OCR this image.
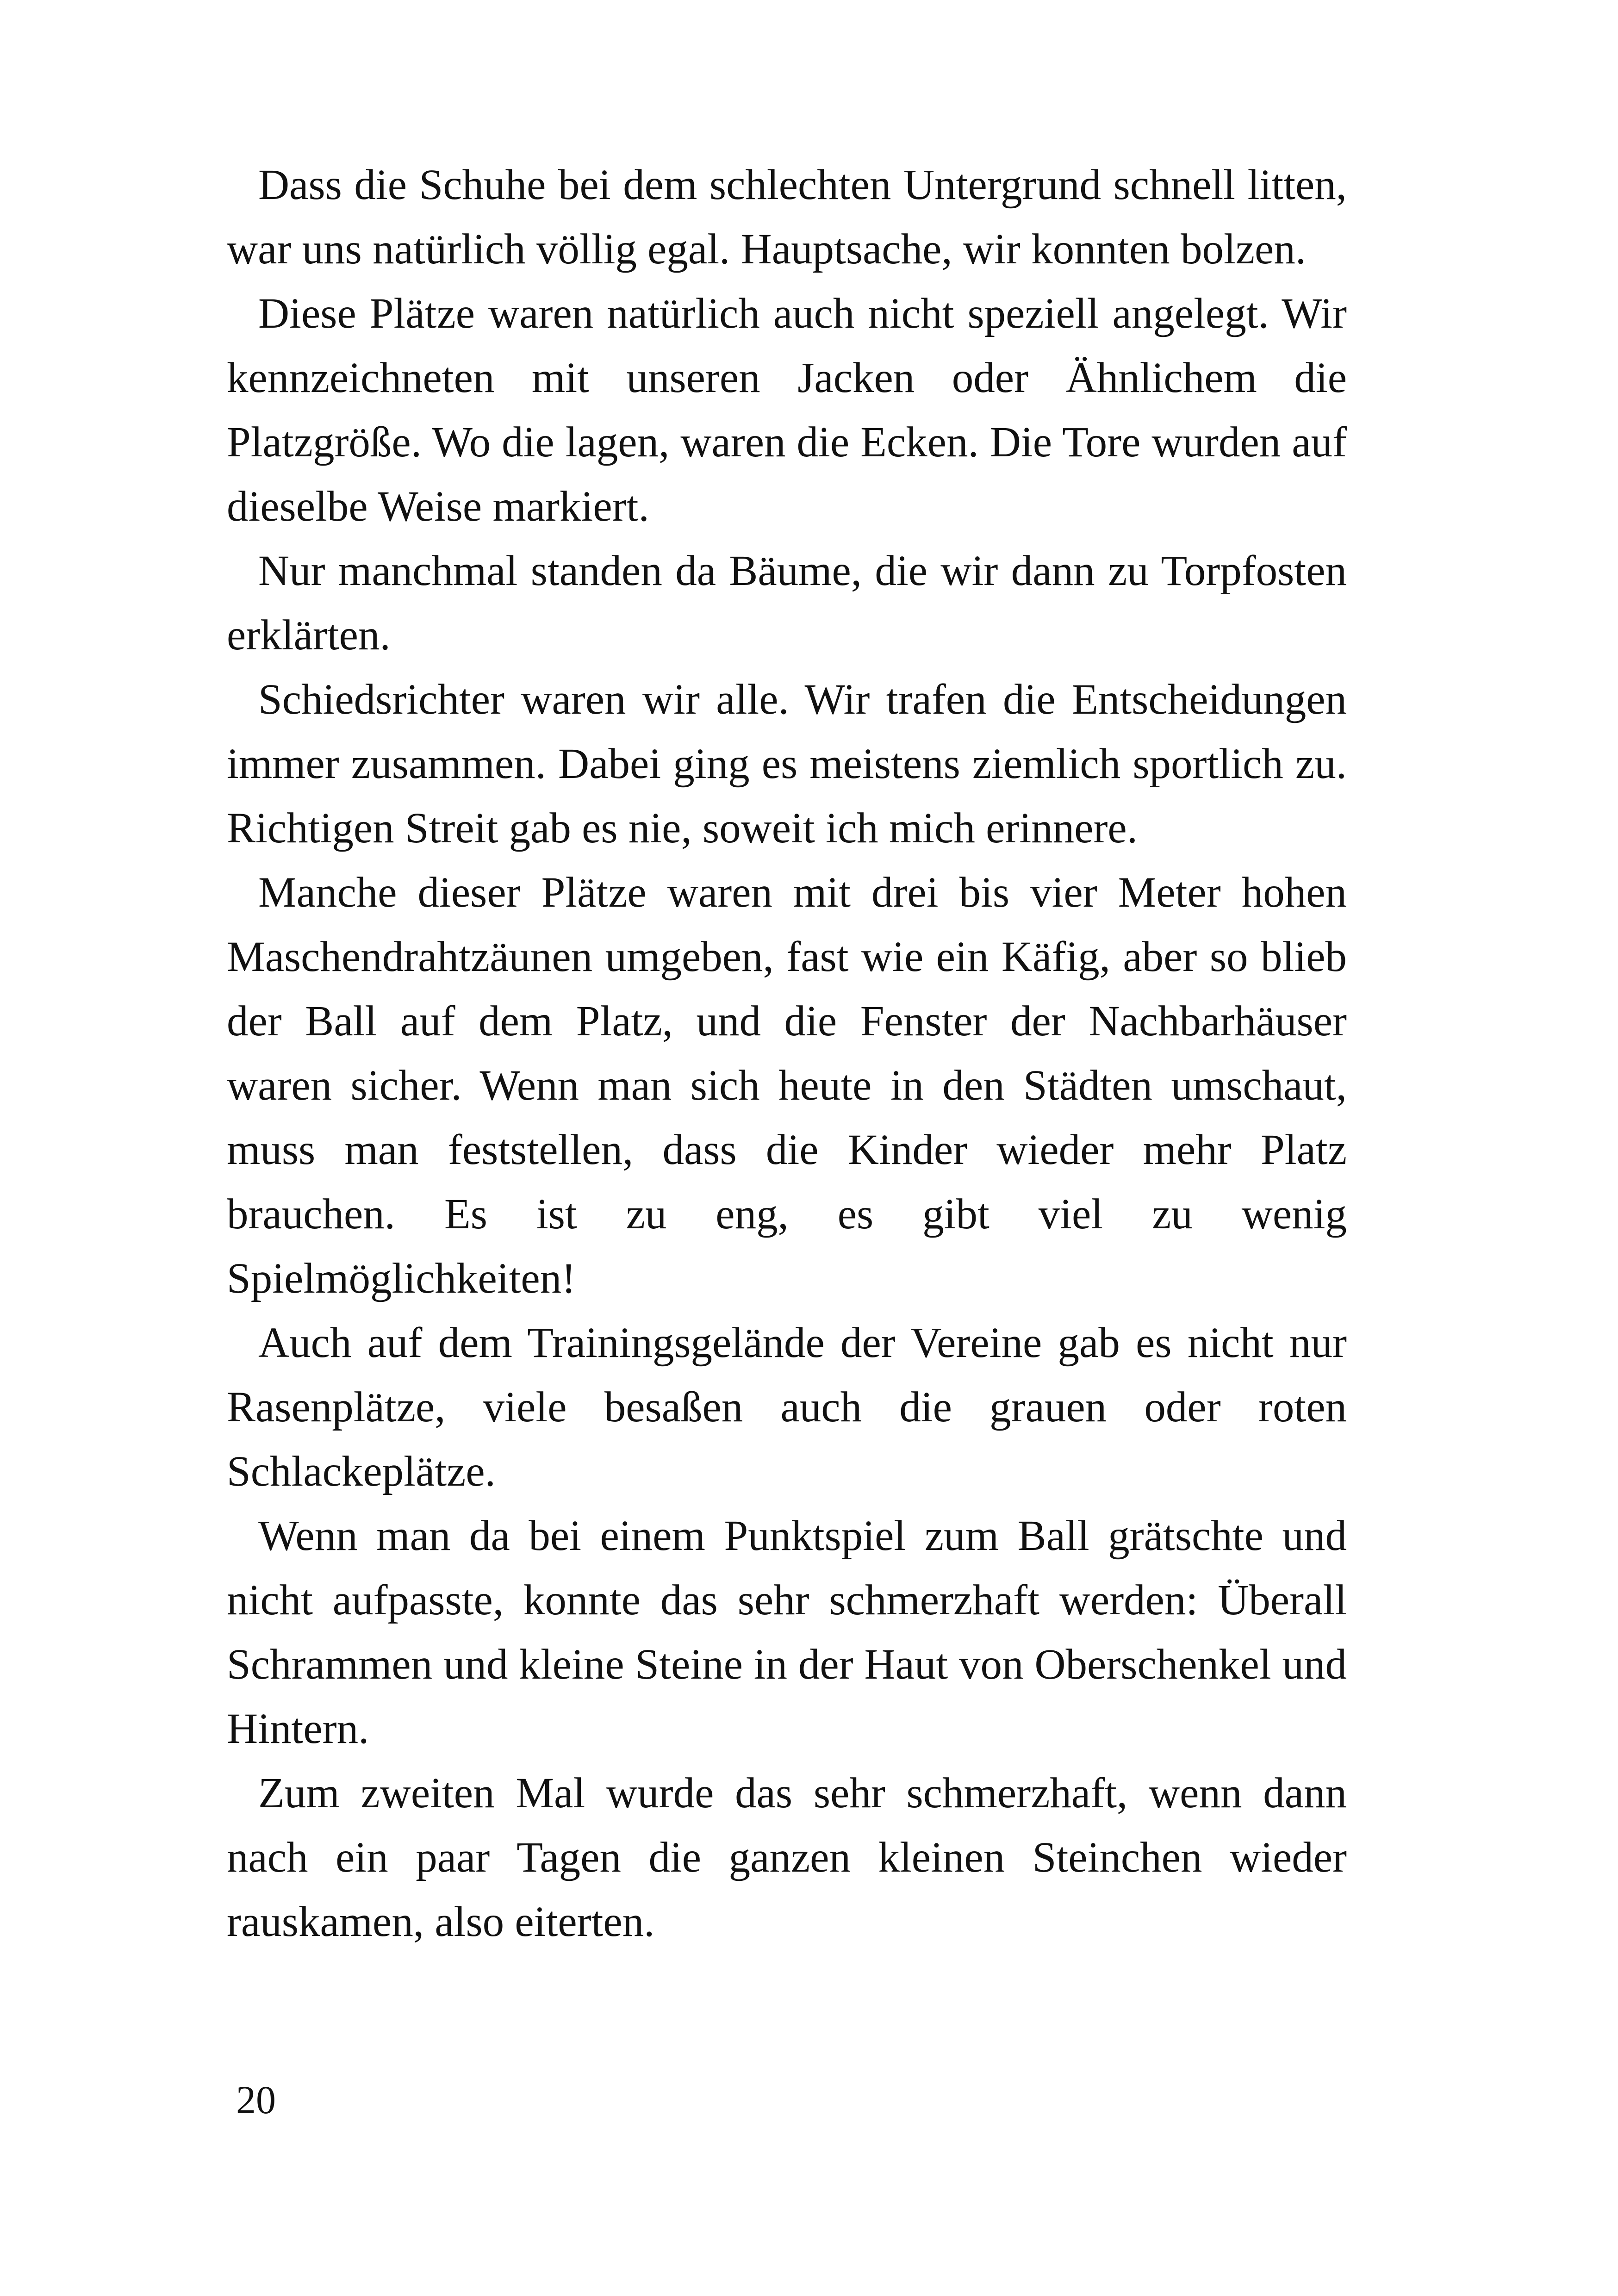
Dass die Schuhe bei dem schlechten Untergrund schnell litten, war uns natürlich völlig egal. Hauptsache, wir konnten bolzen.

Diese Plätze waren natürlich auch nicht speziell angelegt. Wir kennzeichneten mit unseren Jacken oder Ähnlichem die Platzgröße. Wo die lagen, waren die Ecken. Die Tore wurden auf dieselbe Weise markiert.

Nur manchmal standen da Bäume, die wir dann zu Torpfosten erklärten.

Schiedsrichter waren wir alle. Wir trafen die Entscheidungen immer zusammen. Dabei ging es meistens ziemlich sportlich zu. Richtigen Streit gab es nie, soweit ich mich erinnere.

Manche dieser Plätze waren mit drei bis vier Meter hohen Maschendrahtzäunen umgeben, fast wie ein Käfig, aber so blieb der Ball auf dem Platz, und die Fenster der Nachbarhäuser waren sicher. Wenn man sich heute in den Städten umschaut, muss man feststellen, dass die Kinder wieder mehr Platz brauchen. Es ist zu eng, es gibt viel zu wenig Spielmöglichkeiten!

Auch auf dem Trainingsgelände der Vereine gab es nicht nur Rasenplätze, viele besaßen auch die grauen oder roten Schlackeplätze.

Wenn man da bei einem Punktspiel zum Ball grätschte und nicht aufpasste, konnte das sehr schmerzhaft werden: Überall Schrammen und kleine Steine in der Haut von Oberschenkel und Hintern.

Zum zweiten Mal wurde das sehr schmerzhaft, wenn dann nach ein paar Tagen die ganzen kleinen Steinchen wieder rauskamen, also eiterten.

20
